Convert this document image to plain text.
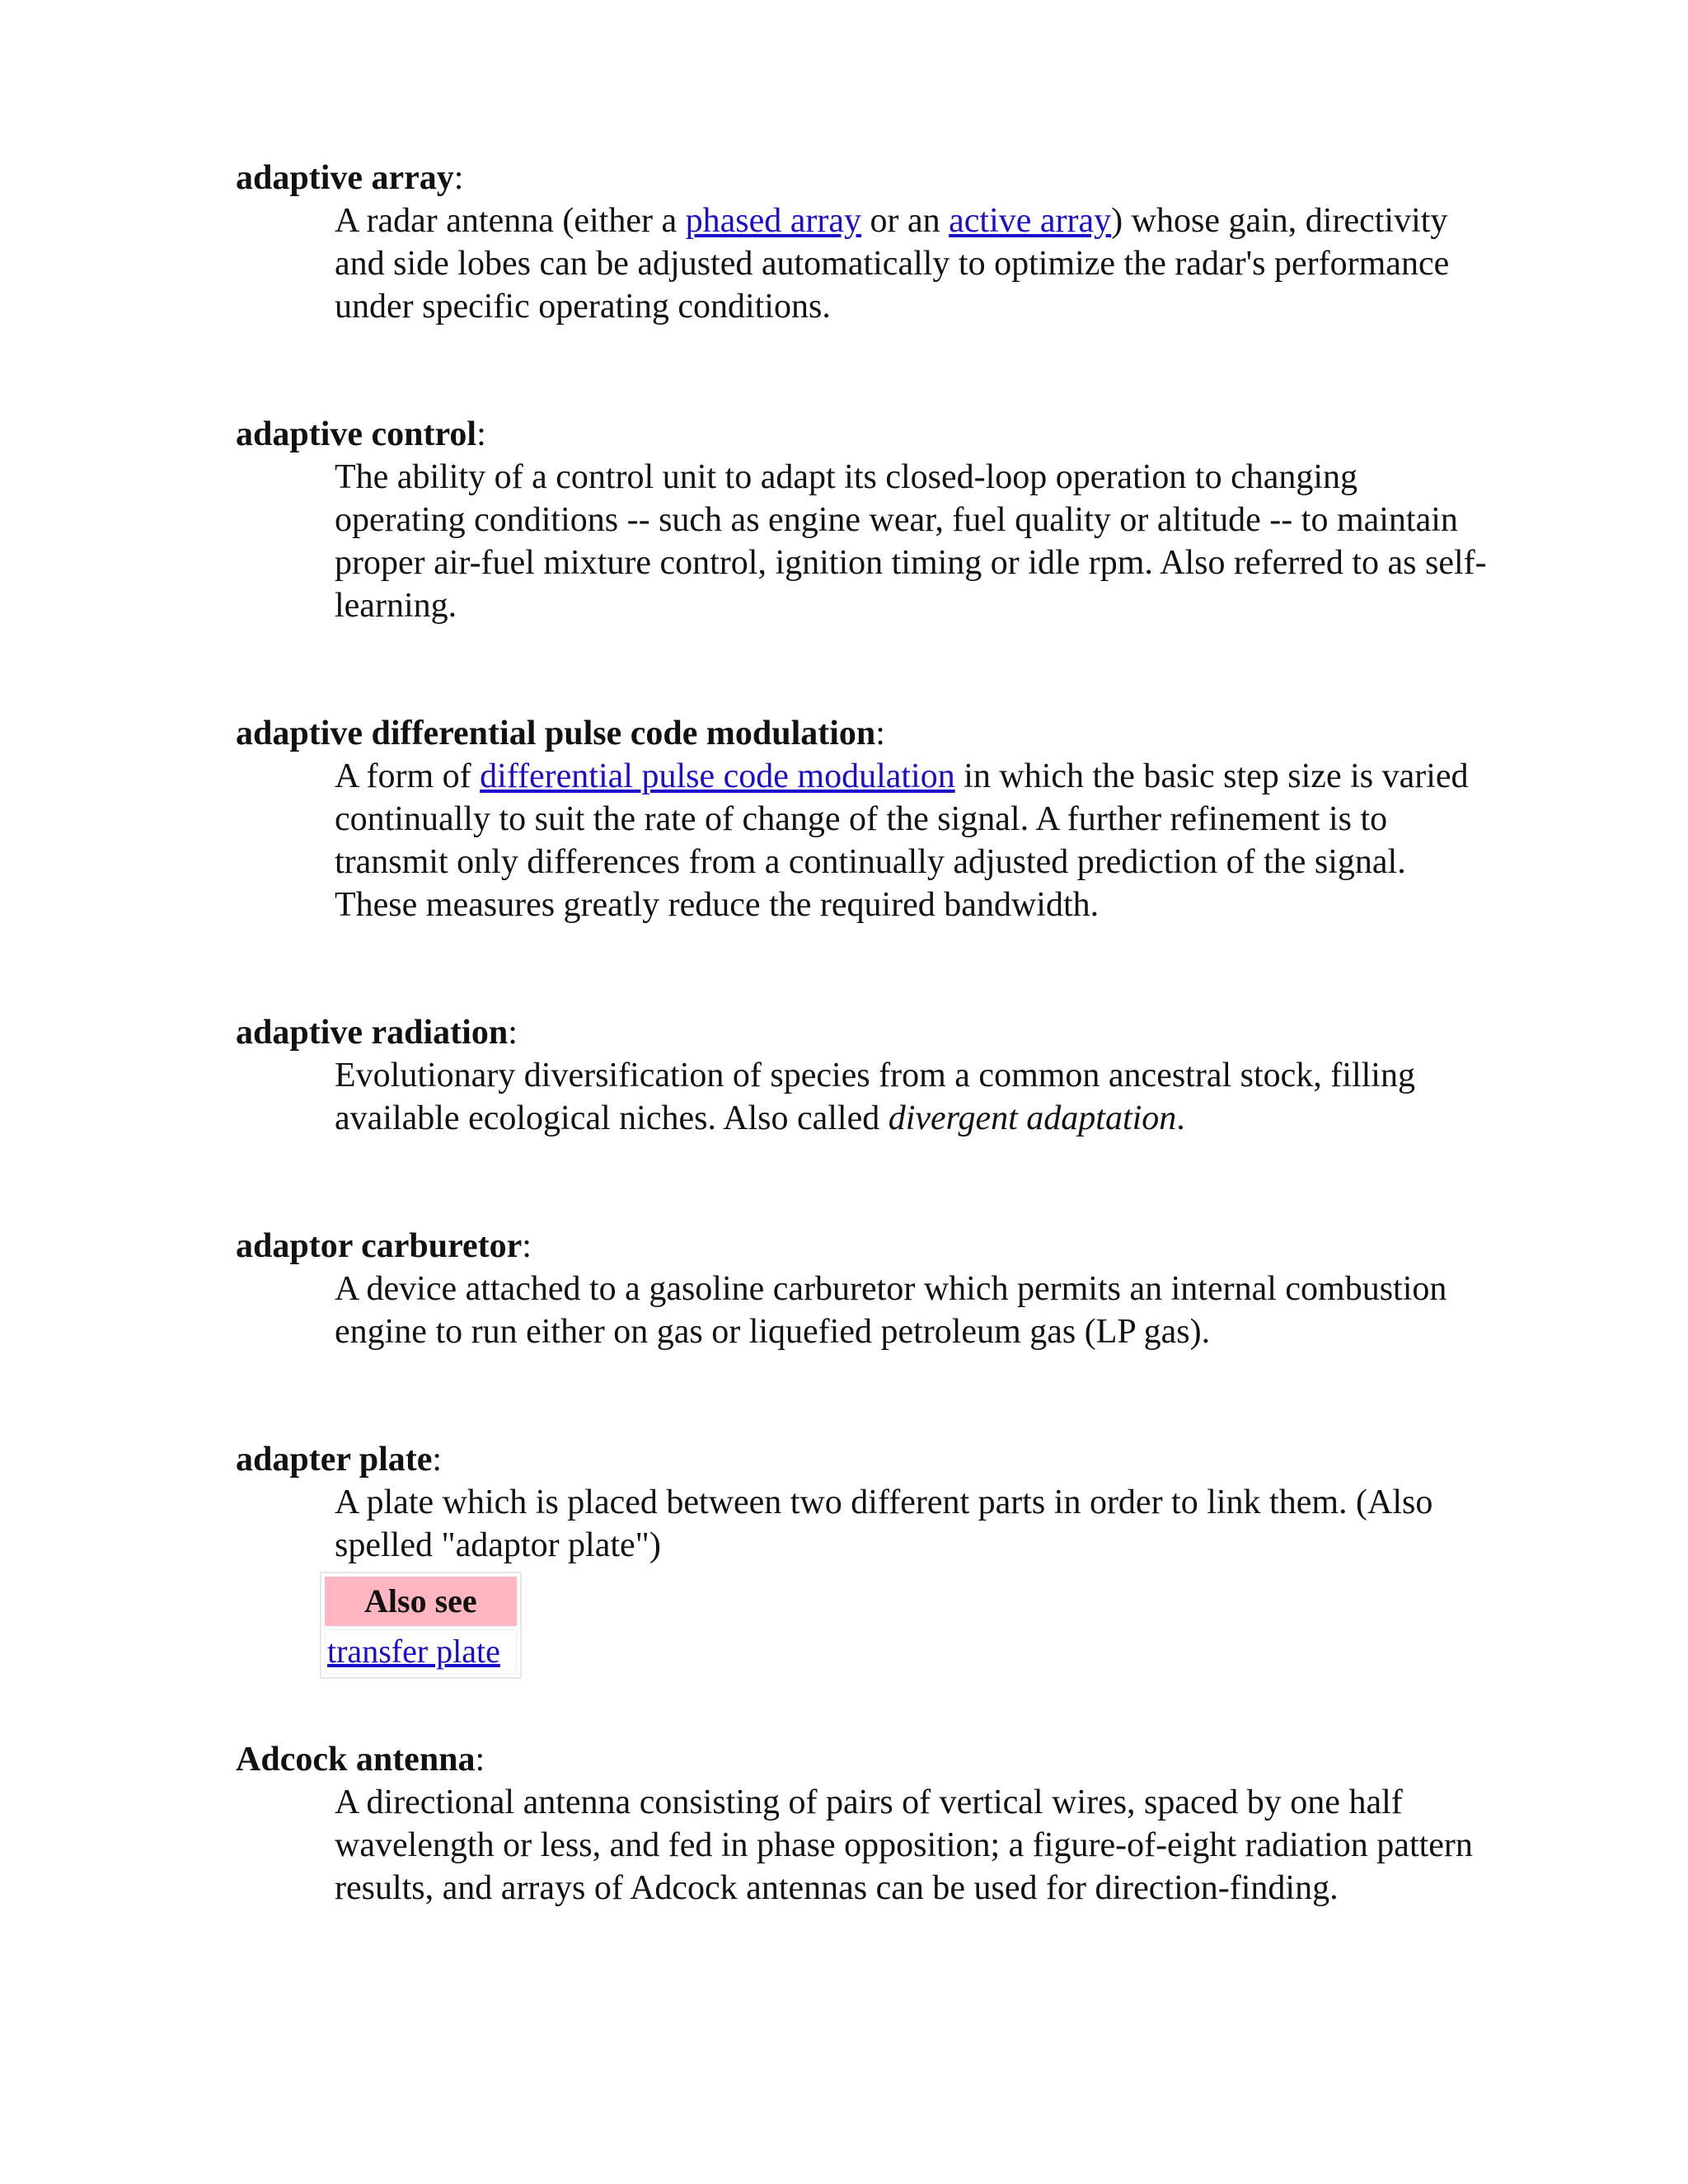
adaptive array:

A radar antenna (either a phased array or an active array) whose gain, directivity and side lobes can be adjusted automatically to optimize the radar's performance under specific operating conditions.

adaptive control:

The ability of a control unit to adapt its closed-loop operation to changing operating conditions -- such as engine wear, fuel quality or altitude -- to maintain proper air-fuel mixture control, ignition timing or idle rpm. Also referred to as self-learning.

adaptive differential pulse code modulation:

A form of differential pulse code modulation in which the basic step size is varied continually to suit the rate of change of the signal. A further refinement is to transmit only differences from a continually adjusted prediction of the signal. These measures greatly reduce the required bandwidth.

adaptive radiation:

Evolutionary diversification of species from a common ancestral stock, filling available ecological niches. Also called divergent adaptation.

adaptor carburetor:

A device attached to a gasoline carburetor which permits an internal combustion engine to run either on gas or liquefied petroleum gas (LP gas).

adapter plate:

A plate which is placed between two different parts in order to link them. (Also spelled "adaptor plate")

Also see
transfer plate

Adcock antenna:

A directional antenna consisting of pairs of vertical wires, spaced by one half wavelength or less, and fed in phase opposition; a figure-of-eight radiation pattern results, and arrays of Adcock antennas can be used for direction-finding.
